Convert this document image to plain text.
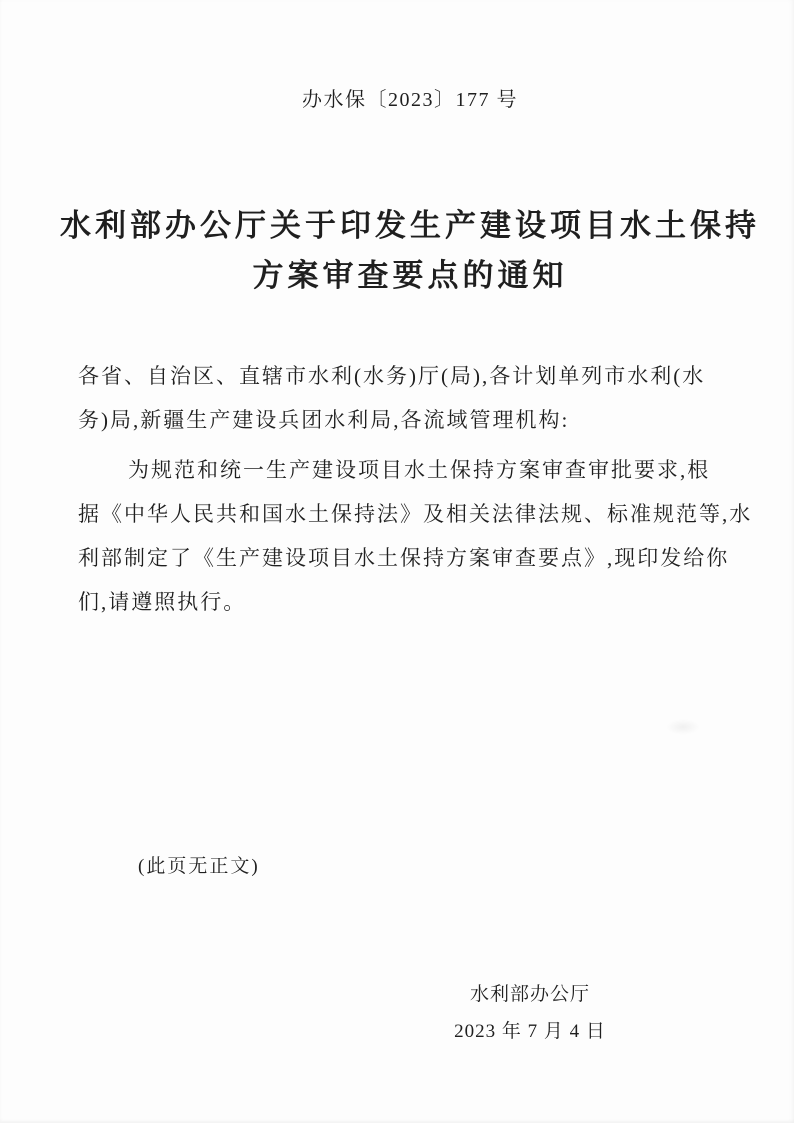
办水保〔2023〕177 号
水利部办公厅关于印发生产建设项目水土保持
方案审查要点的通知

各省、自治区、直辖市水利(水务)厅(局),各计划单列市水利(水
务)局,新疆生产建设兵团水利局,各流域管理机构:

为规范和统一生产建设项目水土保持方案审查审批要求,根
据《中华人民共和国水土保持法》及相关法律法规、标准规范等,水
利部制定了《生产建设项目水土保持方案审查要点》,现印发给你
们,请遵照执行。

(此页无正文)
水利部办公厅
2023 年 7 月 4 日
